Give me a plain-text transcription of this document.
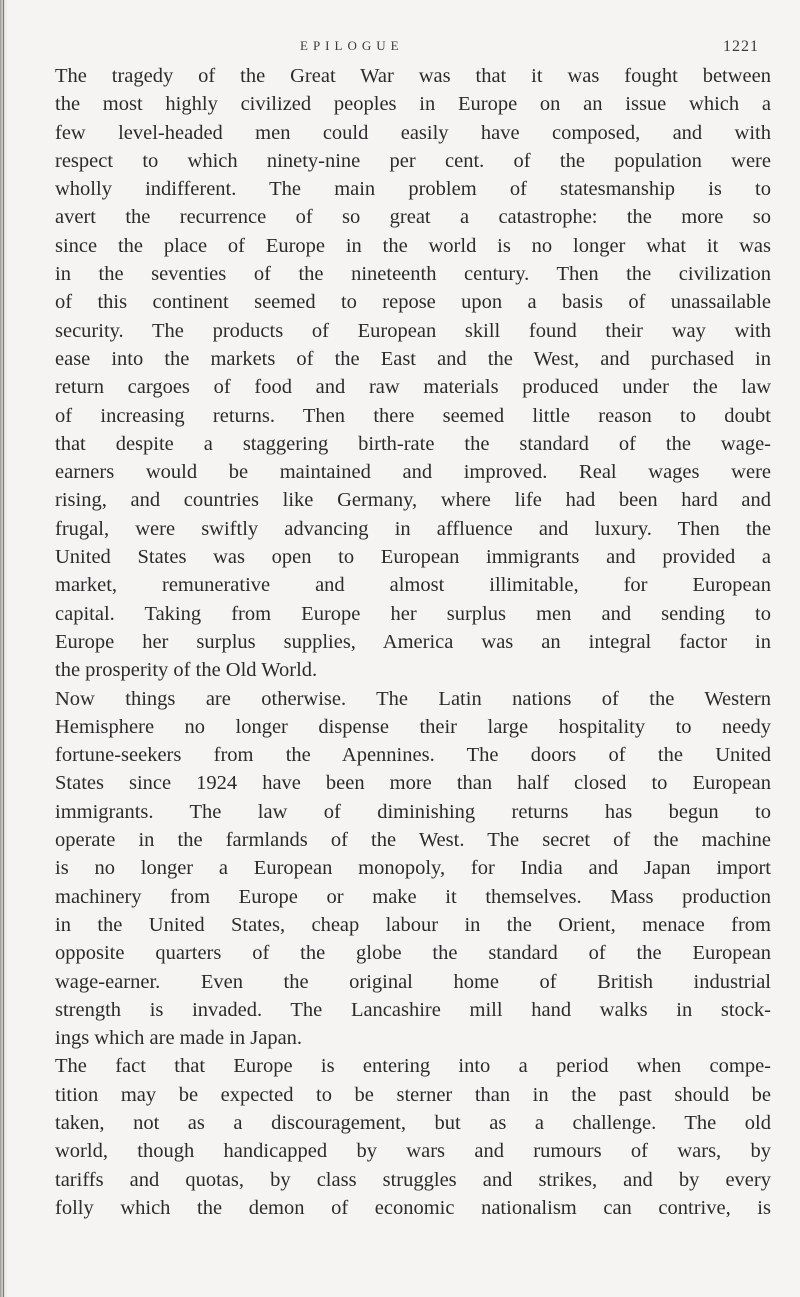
EPILOGUE	1221
The tragedy of the Great War was that it was fought between
the most highly civilized peoples in Europe on an issue which a
few level-headed men could easily have composed, and with
respect to which ninety-nine per cent. of the population were
wholly indifferent. The main problem of statesmanship is to
avert the recurrence of so great a catastrophe: the more so
since the place of Europe in the world is no longer what it was
in the seventies of the nineteenth century. Then the civilization
of this continent seemed to repose upon a basis of unassailable
security. The products of European skill found their way with
ease into the markets of the East and the West, and purchased in
return cargoes of food and raw materials produced under the law
of increasing returns. Then there seemed little reason to doubt
that despite a staggering birth-rate the standard of the wage-
earners would be maintained and improved. Real wages were
rising, and countries like Germany, where life had been hard and
frugal, were swiftly advancing in affluence and luxury. Then the
United States was open to European immigrants and provided a
market, remunerative and almost illimitable, for European
capital. Taking from Europe her surplus men and sending to
Europe her surplus supplies, America was an integral factor in
the prosperity of the Old World.
Now things are otherwise. The Latin nations of the Western
Hemisphere no longer dispense their large hospitality to needy
fortune-seekers from the Apennines. The doors of the United
States since 1924 have been more than half closed to European
immigrants. The law of diminishing returns has begun to
operate in the farmlands of the West. The secret of the machine
is no longer a European monopoly, for India and Japan import
machinery from Europe or make it themselves. Mass production
in the United States, cheap labour in the Orient, menace from
opposite quarters of the globe the standard of the European
wage-earner. Even the original home of British industrial
strength is invaded. The Lancashire mill hand walks in stock-
ings which are made in Japan.
The fact that Europe is entering into a period when compe-
tition may be expected to be sterner than in the past should be
taken, not as a discouragement, but as a challenge. The old
world, though handicapped by wars and rumours of wars, by
tariffs and quotas, by class struggles and strikes, and by every
folly which the demon of economic nationalism can contrive, is
